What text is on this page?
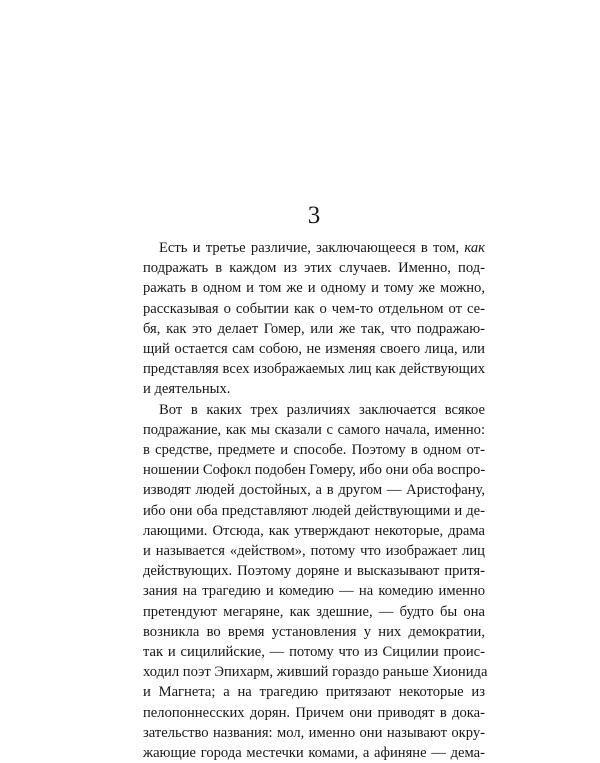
3
Есть и третье различие, заключающееся в том, как
подражать в каждом из этих случаев. Именно, под-
ражать в одном и том же и одному и тому же можно,
рассказывая о событии как о чем-то отдельном от се-
бя, как это делает Гомер, или же так, что подражаю-
щий остается сам собою, не изменяя своего лица, или
представляя всех изображаемых лиц как действующих
и деятельных.
Вот в каких трех различиях заключается всякое
подражание, как мы сказали с самого начала, именно:
в средстве, предмете и способе. Поэтому в одном от-
ношении Софокл подобен Гомеру, ибо они оба воспро-
изводят людей достойных, а в другом — Аристофану,
ибо они оба представляют людей действующими и де-
лающими. Отсюда, как утверждают некоторые, драма
и называется «действом», потому что изображает лиц
действующих. Поэтому доряне и высказывают притя-
зания на трагедию и комедию — на комедию именно
претендуют мегаряне, как здешние, — будто бы она
возникла во время установления у них демократии,
так и сицилийские, — потому что из Сицилии проис-
ходил поэт Эпихарм, живший гораздо раньше Хионида
и Магнета; а на трагедию притязают некоторые из
пелопоннесских дорян. Причем они приводят в дока-
зательство названия: мол, именно они называют окру-
жающие города местечки комами, а афиняне — дема-
